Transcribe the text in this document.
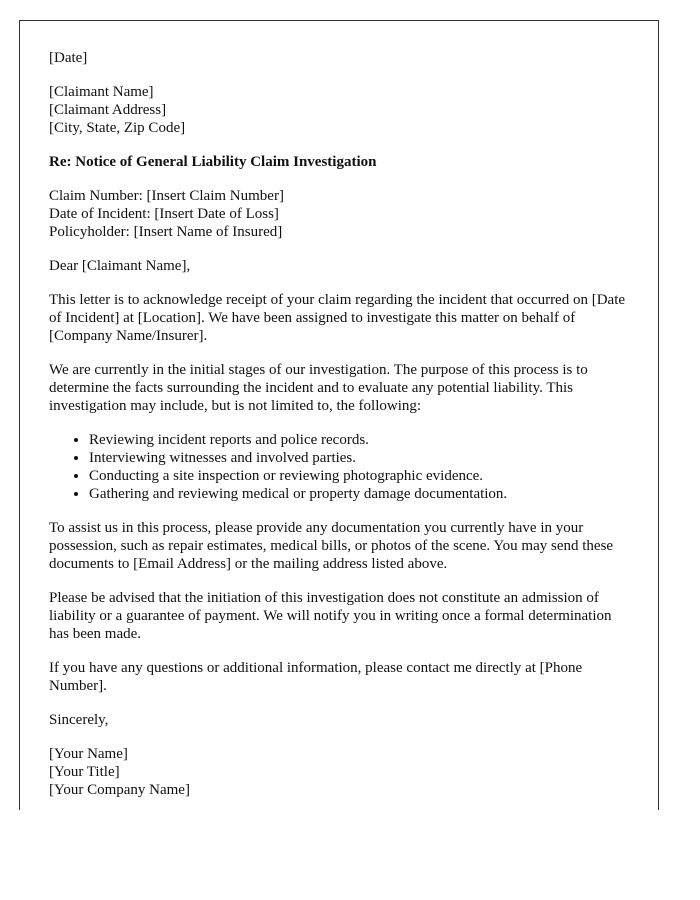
[Date]

[Claimant Name]
[Claimant Address]
[City, State, Zip Code]

Re: Notice of General Liability Claim Investigation

Claim Number: [Insert Claim Number]
Date of Incident: [Insert Date of Loss]
Policyholder: [Insert Name of Insured]

Dear [Claimant Name],

This letter is to acknowledge receipt of your claim regarding the incident that occurred on [Date of Incident] at [Location]. We have been assigned to investigate this matter on behalf of [Company Name/Insurer].

We are currently in the initial stages of our investigation. The purpose of this process is to determine the facts surrounding the incident and to evaluate any potential liability. This investigation may include, but is not limited to, the following:

• Reviewing incident reports and police records.
• Interviewing witnesses and involved parties.
• Conducting a site inspection or reviewing photographic evidence.
• Gathering and reviewing medical or property damage documentation.

To assist us in this process, please provide any documentation you currently have in your possession, such as repair estimates, medical bills, or photos of the scene. You may send these documents to [Email Address] or the mailing address listed above.

Please be advised that the initiation of this investigation does not constitute an admission of liability or a guarantee of payment. We will notify you in writing once a formal determination has been made.

If you have any questions or additional information, please contact me directly at [Phone Number].

Sincerely,

[Your Name]
[Your Title]
[Your Company Name]
